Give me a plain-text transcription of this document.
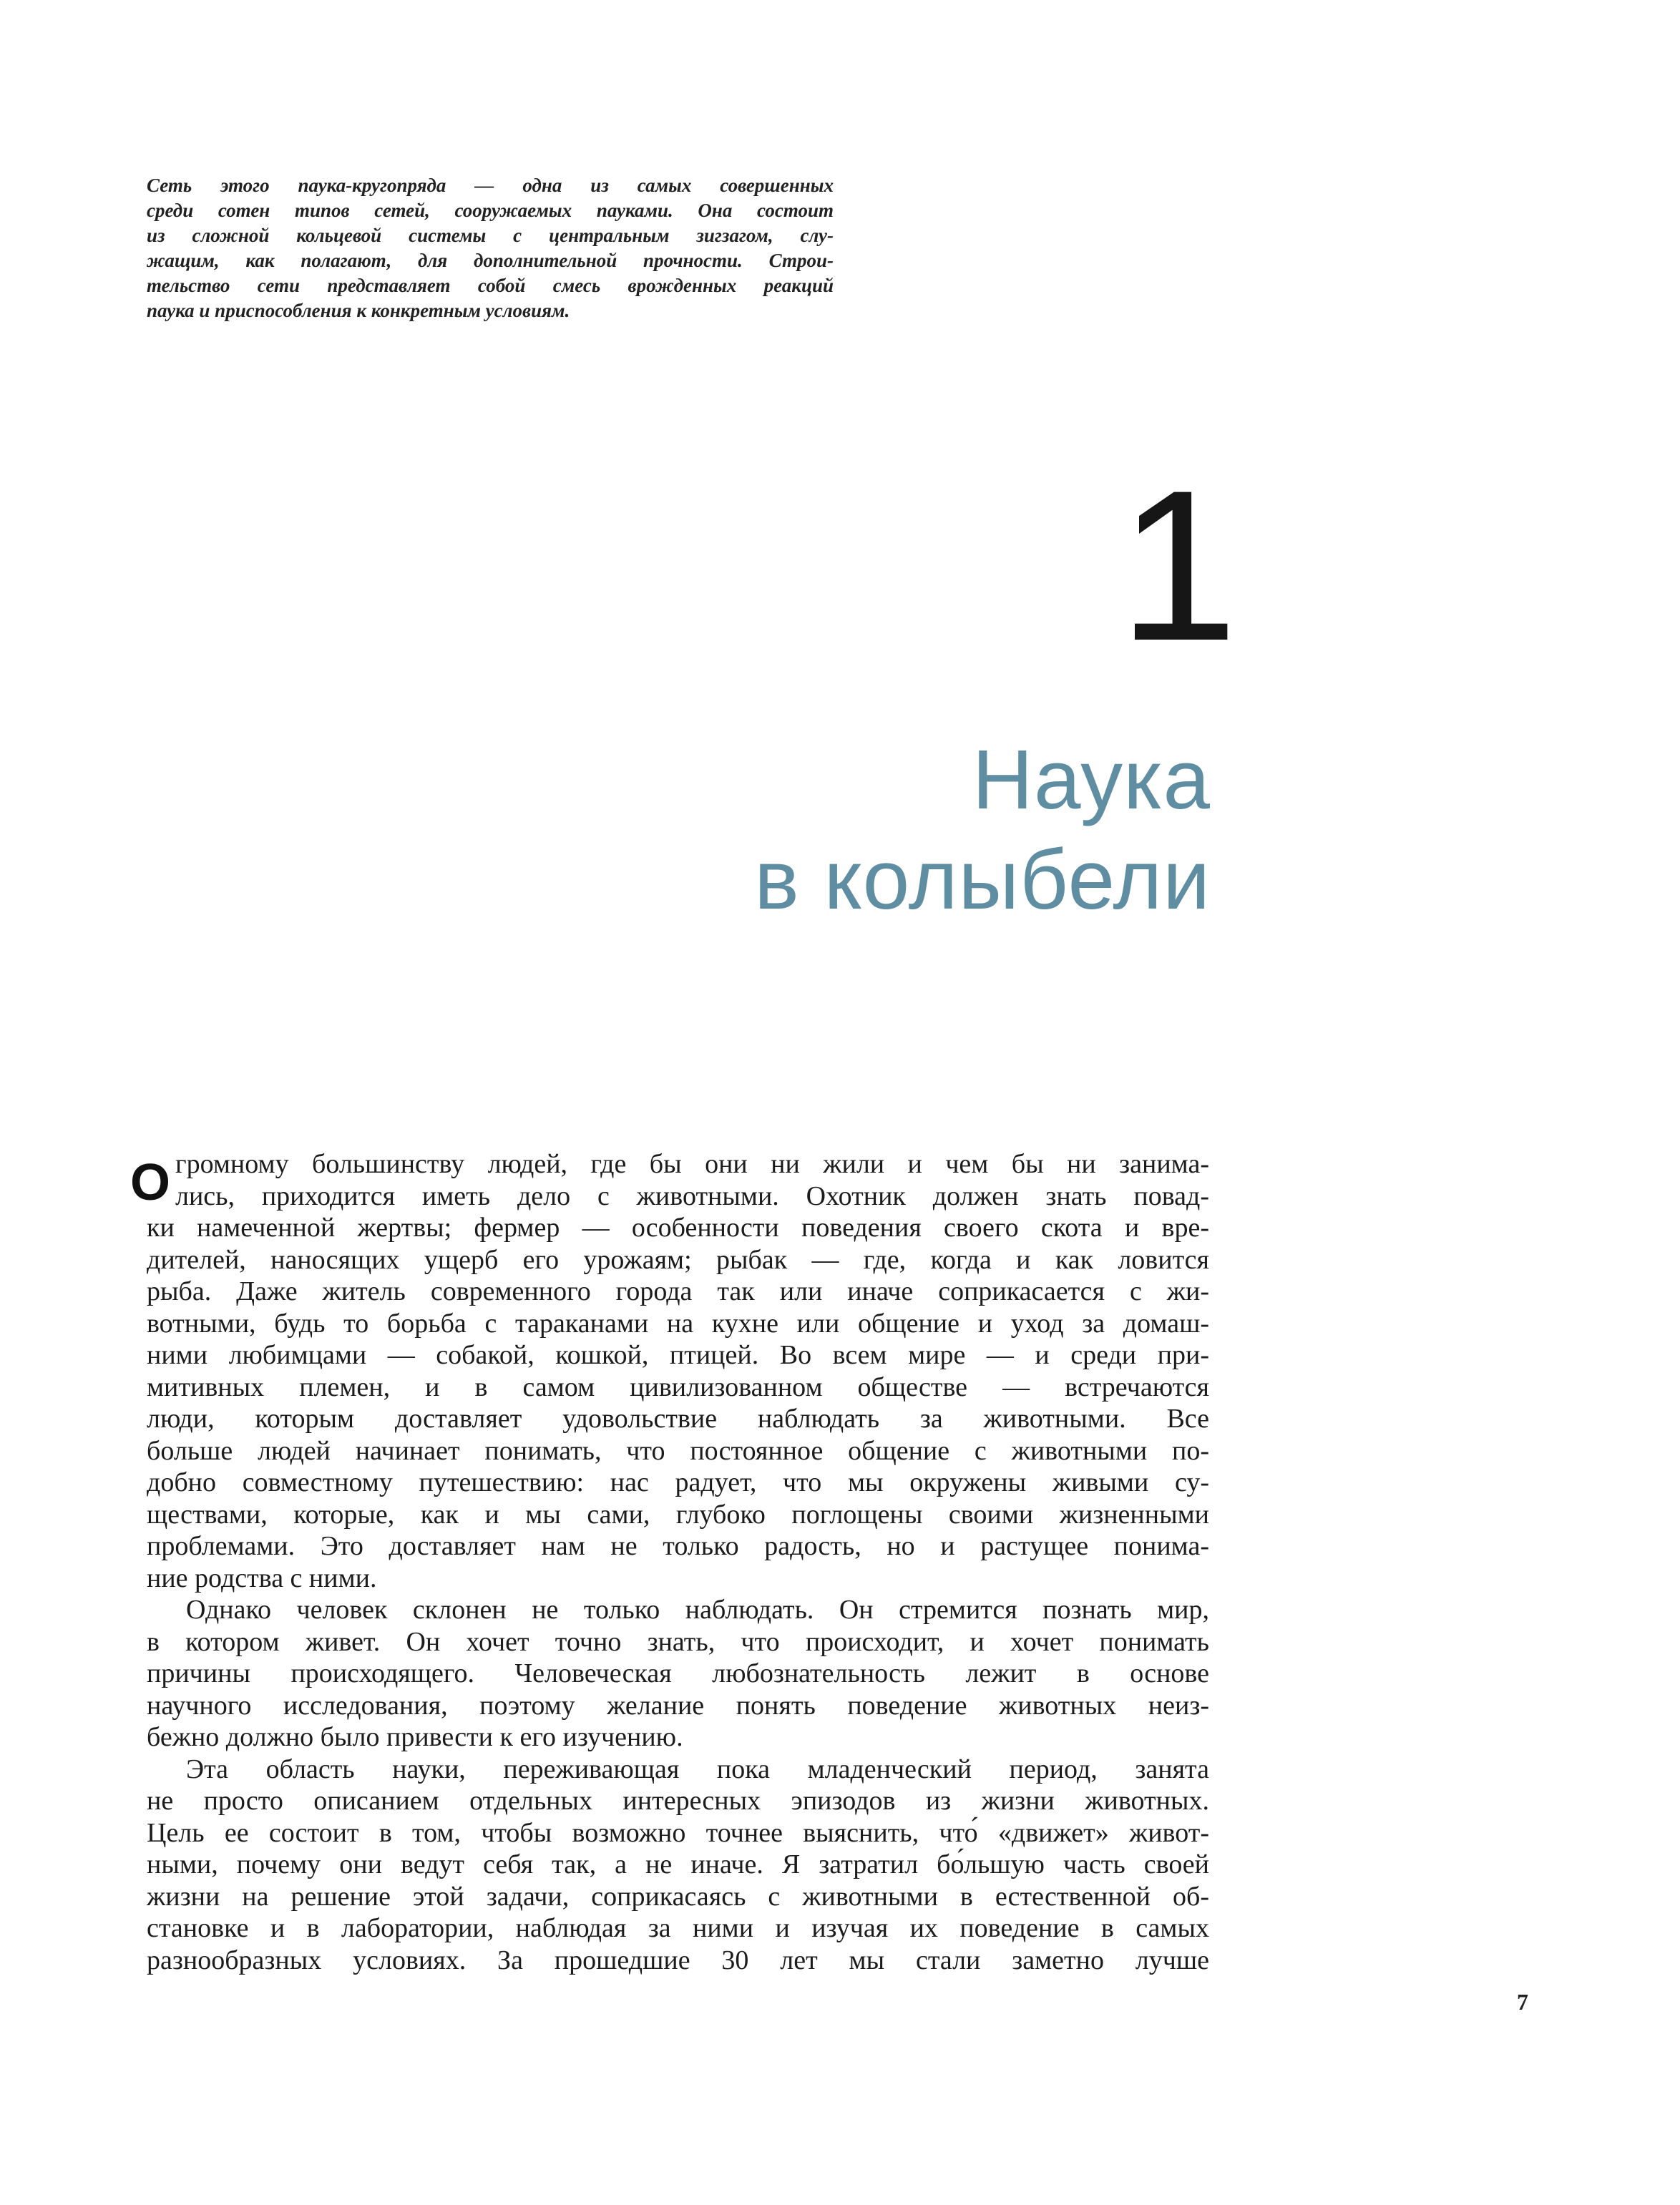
Сеть этого паука-кругопряда — одна из самых совершенных
среди сотен типов сетей, сооружаемых пауками. Она состоит
из сложной кольцевой системы с центральным зигзагом, слу-
жащим, как полагают, для дополнительной прочности. Строи-
тельство сети представляет собой смесь врожденных реакций
паука и приспособления к конкретным условиям.
1
Наука
в колыбели
О громному большинству людей, где бы они ни жили и чем бы ни занима-
лись, приходится иметь дело с животными. Охотник должен знать повад-
ки намеченной жертвы; фермер — особенности поведения своего скота и вре-
дителей, наносящих ущерб его урожаям; рыбак — где, когда и как ловится
рыба. Даже житель современного города так или иначе соприкасается с жи-
вотными, будь то борьба с тараканами на кухне или общение и уход за домаш-
ними любимцами — собакой, кошкой, птицей. Во всем мире — и среди при-
митивных племен, и в самом цивилизованном обществе — встречаются
люди, которым доставляет удовольствие наблюдать за животными. Все
больше людей начинает понимать, что постоянное общение с животными по-
добно совместному путешествию: нас радует, что мы окружены живыми су-
ществами, которые, как и мы сами, глубоко поглощены своими жизненными
проблемами. Это доставляет нам не только радость, но и растущее понима-
ние родства с ними.
Однако человек склонен не только наблюдать. Он стремится познать мир,
в котором живет. Он хочет точно знать, что происходит, и хочет понимать
причины происходящего. Человеческая любознательность лежит в основе
научного исследования, поэтому желание понять поведение животных неиз-
бежно должно было привести к его изучению.
Эта область науки, переживающая пока младенческий период, занята
не просто описанием отдельных интересных эпизодов из жизни животных.
Цель ее состоит в том, чтобы возможно точнее выяснить, что́ «движет» живот-
ными, почему они ведут себя так, а не иначе. Я затратил бо́льшую часть своей
жизни на решение этой задачи, соприкасаясь с животными в естественной об-
становке и в лаборатории, наблюдая за ними и изучая их поведение в самых
разнообразных условиях. За прошедшие 30 лет мы стали заметно лучше
7
